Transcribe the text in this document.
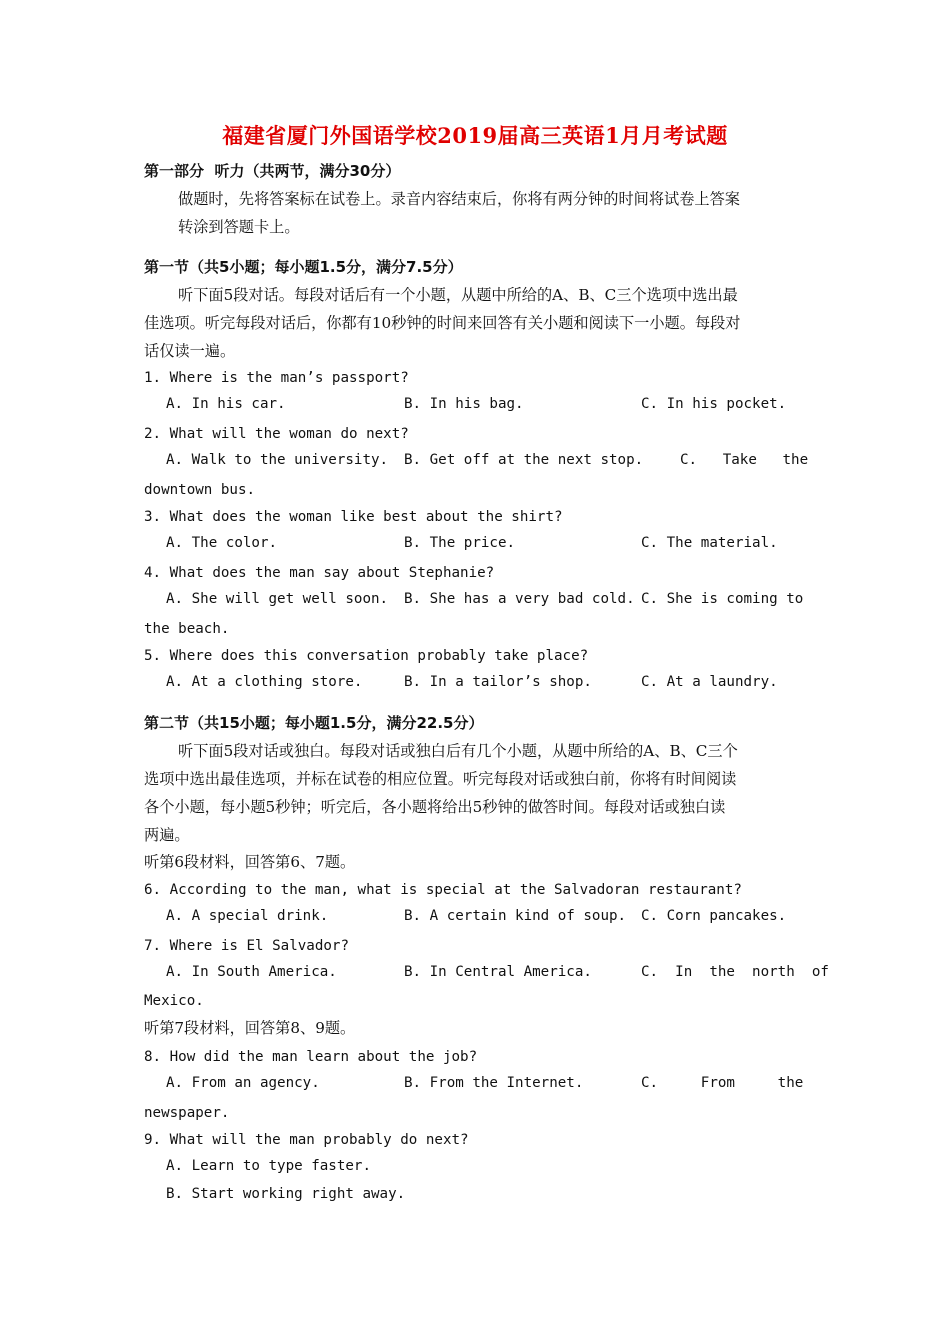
福建省厦门外国语学校2019届高三英语1月月考试题
第一部分  听力（共两节，满分30分）
做题时，先将答案标在试卷上。录音内容结束后，你将有两分钟的时间将试卷上答案
转涂到答题卡上。
第一节（共5小题；每小题1.5分，满分7.5分）
听下面5段对话。每段对话后有一个小题，从题中所给的A、B、C三个选项中选出最
佳选项。听完每段对话后，你都有10秒钟的时间来回答有关小题和阅读下一小题。每段对
话仅读一遍。
1. Where is the man’s passport?
A. In his car.	B. In his bag.	C. In his pocket.
2. What will the woman do next?
A. Walk to the university. B. Get off at the next stop.	C.   Take   the
downtown bus.
3. What does the woman like best about the shirt?
A. The color.	B. The price.	C. The material.
4. What does the man say about Stephanie?
A. She will get well soon. B. She has a very bad cold. C. She is coming to
the beach.
5. Where does this conversation probably take place?
A. At a clothing store.	B. In a tailor’s shop.	C. At a laundry.
第二节（共15小题；每小题1.5分，满分22.5分）
听下面5段对话或独白。每段对话或独白后有几个小题，从题中所给的A、B、C三个
选项中选出最佳选项，并标在试卷的相应位置。听完每段对话或独白前，你将有时间阅读
各个小题，每小题5秒钟；听完后，各小题将给出5秒钟的做答时间。每段对话或独白读
两遍。
听第6段材料，回答第6、7题。
6. According to the man, what is special at the Salvadoran restaurant?
A. A special drink.	B. A certain kind of soup. C. Corn pancakes.
7. Where is El Salvador?
A. In South America.	B. In Central America.	C.  In  the  north  of
Mexico.
听第7段材料，回答第8、9题。
8. How did the man learn about the job?
A. From an agency.	B. From the Internet.	C.     From     the
newspaper.
9. What will the man probably do next?
A. Learn to type faster.
B. Start working right away.
